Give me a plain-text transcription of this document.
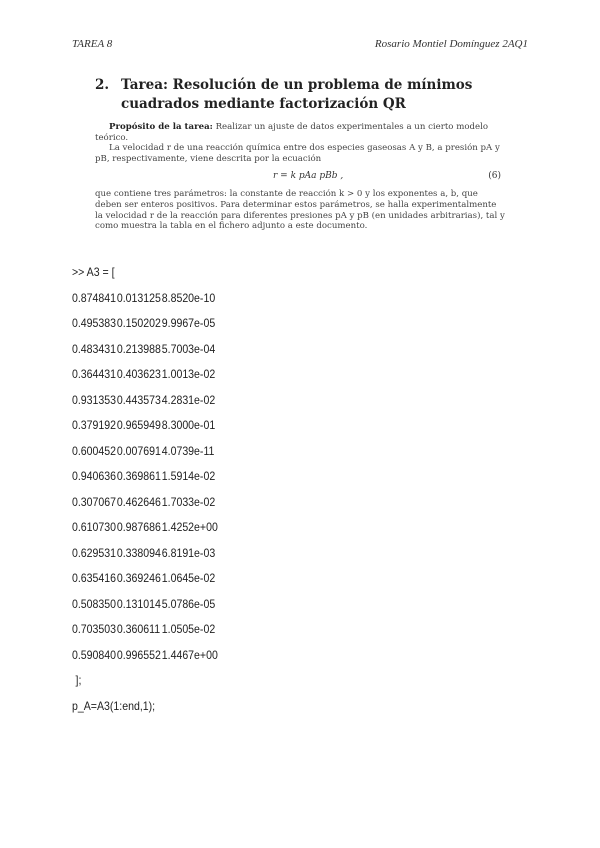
TAREA 8	Rosario Montiel Domínguez 2AQ1
2. Tarea: Resolución de un problema de mínimos cuadrados mediante factorización QR
Propósito de la tarea: Realizar un ajuste de datos experimentales a un cierto modelo teórico.
La velocidad r de una reacción química entre dos especies gaseosas A y B, a presión pA y pB, respectivamente, viene descrita por la ecuación
r = k pAa pBb ,	(6)
que contiene tres parámetros: la constante de reacción k > 0 y los exponentes a, b, que deben ser enteros positivos. Para determinar estos parámetros, se halla experimentalmente la velocidad r de la reacción para diferentes presiones pA y pB (en unidades arbitrarias), tal y como muestra la tabla en el fichero adjunto a este documento.
>> A3 = [
0.8748410.0131258.8520e-10
0.4953830.1502029.9967e-05
0.4834310.2139885.7003e-04
0.3644310.4036231.0013e-02
0.9313530.4435734.2831e-02
0.3791920.9659498.3000e-01
0.6004520.0076914.0739e-11
0.9406360.3698611.5914e-02
0.3070670.4626461.7033e-02
0.6107300.9876861.4252e+00
0.6295310.3380946.8191e-03
0.6354160.3692461.0645e-02
0.5083500.1310145.0786e-05
0.7035030.360611 1.0505e-02
0.5908400.9965521.4467e+00
];
p_A=A3(1:end,1);
